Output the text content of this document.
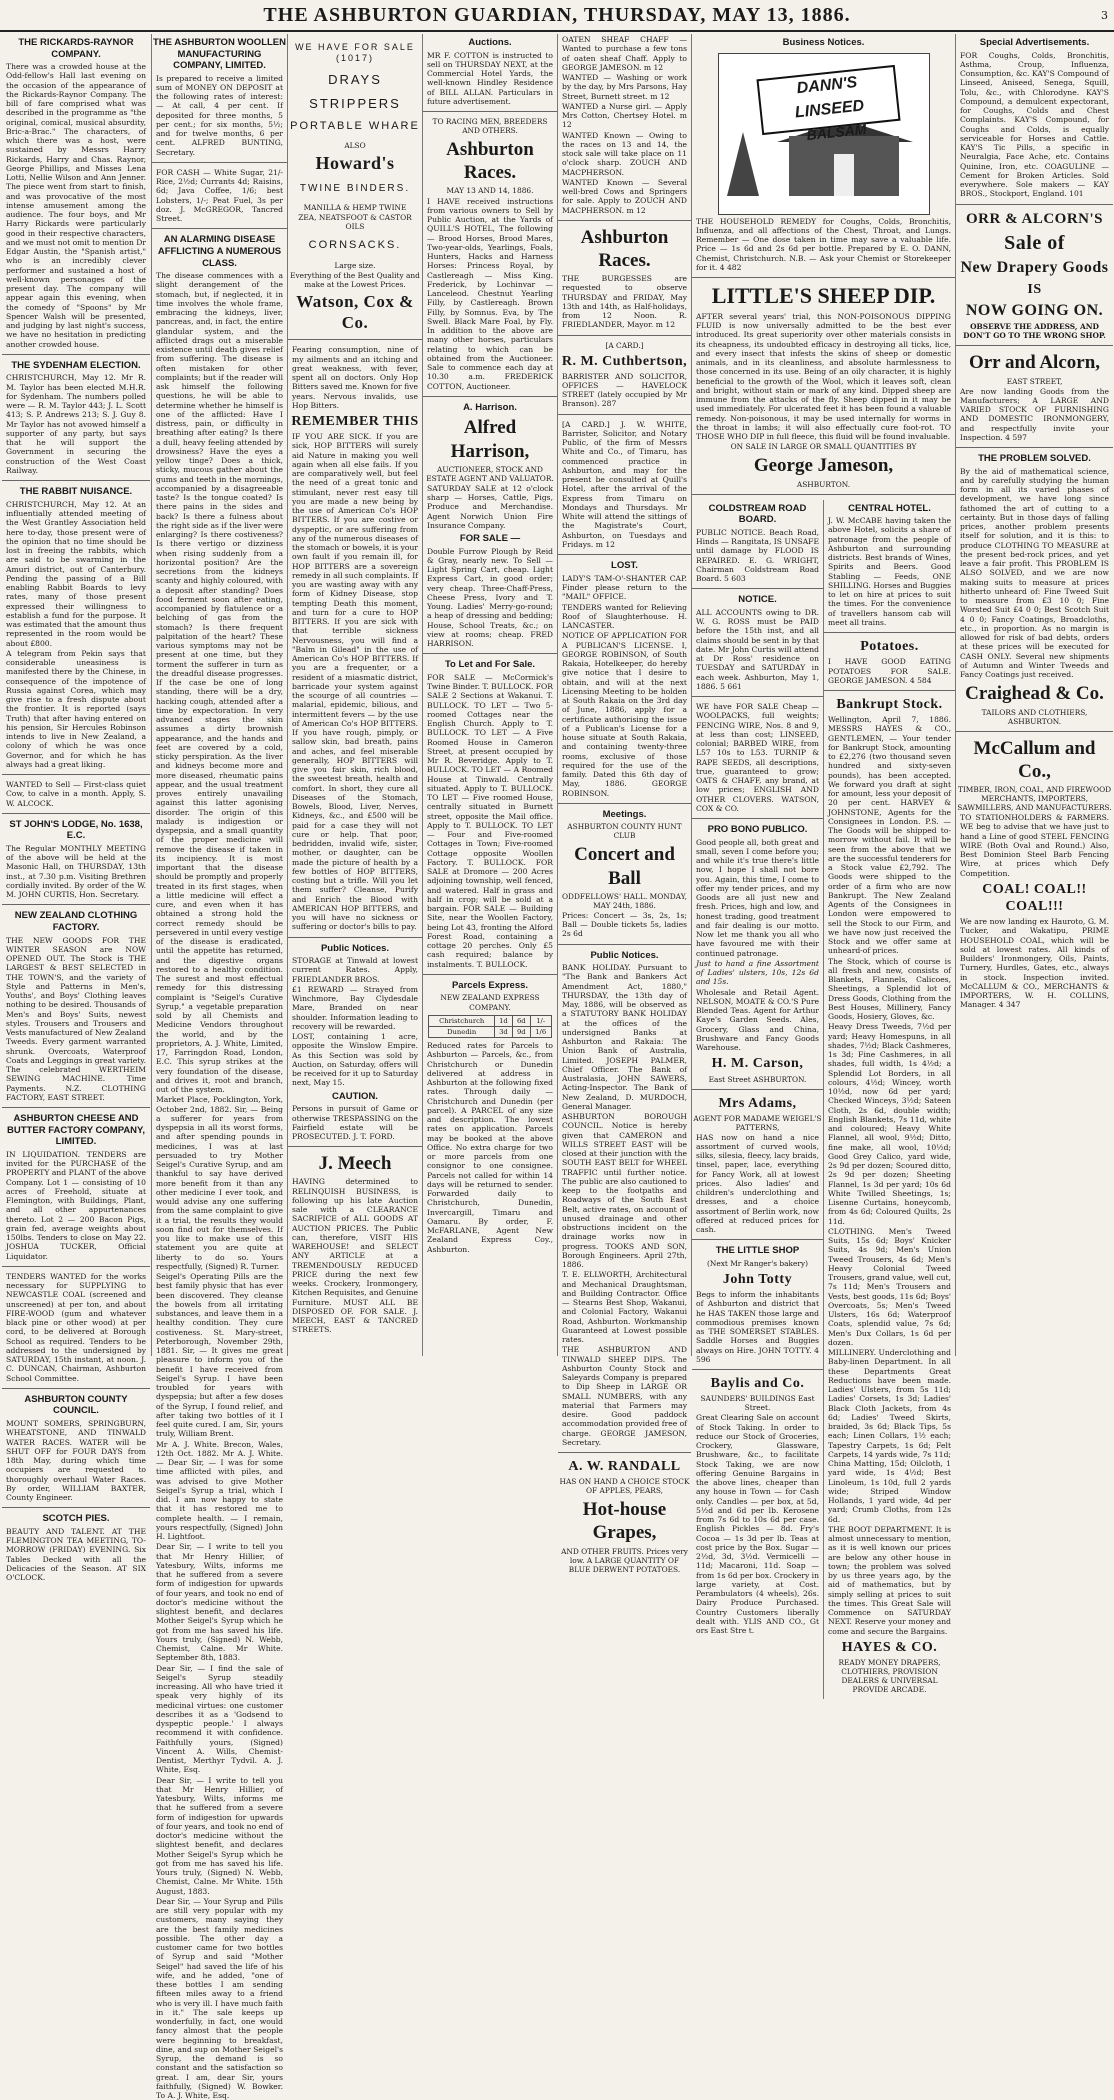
THE ASHBURTON GUARDIAN, THURSDAY, MAY 13, 1886.	3
THE RICKARDS-RAYNOR COMPANY.

There was a crowded house at the Odd-fellow's Hall last evening on the occasion of the appearance of the Rickards-Raynor Company. The bill of fare comprised what was described in the programme as "the original, comical, musical absurdity, Bric-a-Brac." The characters, of which there was a host, were sustained by Messrs Harry Rickards, Harry and Chas. Raynor, George Phillips, and Misses Lena Lotti, Nellie Wilson and Ann Jenner. The piece went from start to finish, and was provocative of the most intense amusement among the audience. The four boys, and Mr Harry Rickards were particularly good in their respective characters, and we must not omit to mention Dr Edgar Austin, the "Spanish artist," who is an incredibly clever performer and sustained a host of well-known personages of the present day. The company will appear again this evening, when the comedy of "Spoons" by Mr Spencer Walsh will be presented, and judging by last night's success, we have no hesitation in predicting another crowded house.

THE SYDENHAM ELECTION.

CHRISTCHURCH, May 12. Mr R. M. Taylor has been elected M.H.R. for Sydenham. The numbers polled were — R. M. Taylor 443; J. L. Scott 413; S. P. Andrews 213; S. J. Guy 8. Mr Taylor has not avowed himself a supporter of any party, but says that he will support the Government in securing the construction of the West Coast Railway.

THE RABBIT NUISANCE.

CHRISTCHURCH, May 12. At an influentially attended meeting of the West Grantley Association held here to-day, those present were of the opinion that no time should be lost in freeing the rabbits, which are said to be swarming in the Amuri district, out of Canterbury. Pending the passing of a Bill enabling Rabbit Boards to levy rates, many of those present expressed their willingness to establish a fund for the purpose. It was estimated that the amount thus represented in the room would be about £800.

A telegram from Pekin says that considerable uneasiness is manifested there by the Chinese, in consequence of the impotence of Russia against Corea, which may give rise to a fresh dispute about the frontier. It is reported (says Truth) that after having entered on his pension, Sir Hercules Robinson intends to live in New Zealand, a colony of which he was once Governor, and for which he has always had a great liking.

WANTED to Sell — First-class quiet Cow, to calve in a month. Apply, S. W. ALCOCK.

ST JOHN'S LODGE, No. 1638, E.C.

The Regular MONTHLY MEETING of the above will be held at the Masonic Hall, on THURSDAY, 13th inst., at 7.30 p.m. Visiting Brethren cordially invited. By order of the W. M. JOHN CURTIS, Hon. Secretary.

NEW ZEALAND CLOTHING FACTORY.

THE NEW GOODS FOR THE WINTER SEASON are NOW OPENED OUT. The Stock is THE LARGEST & BEST SELECTED in THE TOWN'S, and the variety of Style and Patterns in Men's, Youths', and Boys' Clothing leaves nothing to be desired. Thousands of Men's and Boys' Suits, newest styles. Trousers and Trousers and Vests manufactured of New Zealand Tweeds. Every garment warranted shrunk. Overcoats, Waterproof Coats and Leggings in great variety. The celebrated WERTHEIM SEWING MACHINE. Time Payments. N.Z. CLOTHING FACTORY, EAST STREET.

ASHBURTON CHEESE AND BUTTER FACTORY COMPANY, LIMITED.

IN LIQUIDATION. TENDERS are invited for the PURCHASE of the PROPERTY and PLANT of the above Company. Lot 1 — consisting of 10 acres of Freehold, situate at Flemington, with Buildings, Plant, and all other appurtenances thereto. Lot 2 — 200 Bacon Pigs, grain fed, average weights about 150lbs. Tenders to close on May 22. JOSHUA TUCKER, Official Liquidator.

TENDERS WANTED for the works necessary for SUPPLYING to NEWCASTLE COAL (screened and unscreened) at per ton, and about FIRE-WOOD (gum and whatever black pine or other wood) at per cord, to be delivered at Borough School as required. Tenders to be addressed to the undersigned by SATURDAY, 15th instant, at noon. J. C. DUNCAN, Chairman, Ashburton School Committee.

ASHBURTON COUNTY COUNCIL.

MOUNT SOMERS, SPRINGBURN, WHEATSTONE, AND TINWALD WATER RACES. WATER will be SHUT OFF for FOUR DAYS from 18th May, during which time occupiers are requested to thoroughly overhaul Water Races. By order, WILLIAM BAXTER, County Engineer.

SCOTCH PIES.

BEAUTY AND TALENT. AT THE FLEMINGTON TEA MEETING, TO-MORROW (FRIDAY) EVENING. Six Tables Decked with all the Delicacies of the Season. AT SIX O'CLOCK.

THE ASHBURTON WOOLLEN MANUFACTURING COMPANY, LIMITED.

Is prepared to receive a limited sum of MONEY ON DEPOSIT at the following rates of interest: — At call, 4 per cent. If deposited for three months, 5 per cent.; for six months, 5½; and for twelve months, 6 per cent. ALFRED BUNTING, Secretary.

FOR CASH — White Sugar, 21/- Rice, 2½d; Currants 4d; Raisins, 6d; Java Coffee, 1/6; best Lobsters, 1/-; Peat Fuel, 3s per doz. J. McGREGOR, Tancred Street.

AN ALARMING DISEASE AFFLICTING A NUMEROUS CLASS.

The disease commences with a slight derangement of the stomach, but, if neglected, it in time involves the whole frame, embracing the kidneys, liver, pancreas, and, in fact, the entire glandular system, and the afflicted drags out a miserable existence until death gives relief from suffering. The disease is often mistaken for other complaints; but if the reader will ask himself the following questions, he will be able to determine whether he himself is one of the afflicted: Have I distress, pain, or difficulty in breathing after eating? Is there a dull, heavy feeling attended by drowsiness? Have the eyes a yellow tinge? Does a thick, sticky, mucous gather about the gums and teeth in the mornings, accompanied by a disagreeable taste? Is the tongue coated? Is there pains in the sides and back? Is there a fulness about the right side as if the liver were enlarging? Is there costiveness? Is there vertigo or dizziness when rising suddenly from a horizontal position? Are the secretions from the kidneys scanty and highly coloured, with a deposit after standing? Does food ferment soon after eating, accompanied by flatulence or a belching of gas from the stomach? Is there frequent palpitation of the heart? These various symptoms may not be present at one time, but they torment the sufferer in turn as the dreadful disease progresses. If the case be one of long standing, there will be a dry, hacking cough, attended after a time by expectoration. In very advanced stages the skin assumes a dirty brownish appearance, and the hands and feet are covered by a cold, sticky perspiration. As the liver and kidneys become more and more diseased, rheumatic pains appear, and the usual treatment proves entirely unavailing against this latter agonising disorder. The origin of this malady is indigestion or dyspepsia, and a small quantity of the proper medicine will remove the disease if taken in its incipiency. It is most important that the disease should be promptly and properly treated in its first stages, when a little medicine will effect a cure, and even when it has obtained a strong hold the correct remedy should be persevered in until every vestige of the disease is eradicated, until the appetite has returned, and the digestive organs restored to a healthy condition. The surest and most effectual remedy for this distressing complaint is "Seigel's Curative Syrup," a vegetable preparation sold by all Chemists and Medicine Vendors throughout the world, and by the proprietors, A. J. White, Limited, 17, Farringdon Road, London, E.C. This syrup strikes at the very foundation of the disease, and drives it, root and branch, out of the system.

Market Place, Pocklington, York, October 2nd, 1882. Sir, — Being a sufferer for years from dyspepsia in all its worst forms, and after spending pounds in medicines, I was at last persuaded to try Mother Seigel's Curative Syrup, and am thankful to say have derived more benefit from it than any other medicine I ever took, and would advise any one suffering from the same complaint to give it a trial, the results they would soon find out for themselves. If you like to make use of this statement you are quite at liberty to do so. Yours respectfully, (Signed) R. Turner.

Seigel's Operating Pills are the best family physic that has ever been discovered. They cleanse the bowels from all irritating substances, and leave them in a healthy condition. They cure costiveness. St. Mary-street, Peterborough, November 29th, 1881. Sir, — It gives me great pleasure to inform you of the benefit I have received from Seigel's Syrup. I have been troubled for years with dyspepsia; but after a few doses of the Syrup, I found relief, and after taking two bottles of it I feel quite cured. I am, Sir, yours truly, William Brent.

Mr A. J. White. Brecon, Wales, 12th Oct. 1882. Mr A. J. White. — Dear Sir, — I was for some time afflicted with piles, and was advised to give Mother Seigel's Syrup a trial, which I did. I am now happy to state that it has restored me to complete health. — I remain, yours respectfully, (Signed) John H. Lightfoot.

Dear Sir, — I write to tell you that Mr Henry Hillier, of Yatesbury, Wilts, informs me that he suffered from a severe form of indigestion for upwards of four years, and took no end of doctor's medicine without the slightest benefit, and declares Mother Seigel's Syrup which he got from me has saved his life. Yours truly, (Signed) N. Webb, Chemist, Calne. Mr White. September 8th, 1883.

Dear Sir, — I find the sale of Seigel's Syrup steadily increasing. All who have tried it speak very highly of its medicinal virtues: one customer describes it as a 'Godsend to dyspeptic people.' I always recommend it with confidence. Faithfully yours, (Signed) Vincent A. Wills, Chemist-Dentist, Merthyr Tydvil. A. J. White, Esq.

Dear Sir, — I write to tell you that Mr Henry Hillier, of Yatesbury, Wilts, informs me that he suffered from a severe form of indigestion for upwards of four years, and took no end of doctor's medicine without the slightest benefit, and declares Mother Seigel's Syrup which he got from me has saved his life. Yours truly, (Signed) N. Webb, Chemist, Calne. Mr White. 15th August, 1883.

Dear Sir, — Your Syrup and Pills are still very popular with my customers, many saying they are the best family medicines possible. The other day a customer came for two bottles of Syrup and said "Mother Seigel" had saved the life of his wife, and he added, "one of these bottles I am sending fifteen miles away to a friend who is very ill. I have much faith in it." The sale keeps up wonderfully, in fact, one would fancy almost that the people were beginning to breakfast, dine, and sup on Mother Seigel's Syrup, the demand is so constant and the satisfaction so great. I am, dear Sir, yours faithfully, (Signed) W. Bowker. To A. J. White, Esq.

WE HAVE FOR SALE (1017)
DRAYS
STRIPPERS
PORTABLE WHARE
ALSO
Howard's
TWINE BINDERS.
MANILLA & HEMP TWINE
ZEA, NEATSFOOT & CASTOR OILS
CORNSACKS.
Large size.
Everything of the Best Quality and make at the Lowest Prices.
Watson, Cox & Co.

Fearing consumption, nine of my ailments and an itching and great weakness, with fever, spent all on doctors. Only Hop Bitters saved me. Known for five years. Nervous invalids, use Hop Bitters.

REMEMBER THIS

IF YOU ARE SICK. If you are sick, HOP BITTERS will surely aid Nature in making you well again when all else fails. If you are comparatively well, but feel the need of a great tonic and stimulant, never rest easy till you are made a new being by the use of American Co's HOP BITTERS. If you are costive or dyspeptic, or are suffering from any of the numerous diseases of the stomach or bowels, it is your own fault if you remain ill, for HOP BITTERS are a sovereign remedy in all such complaints. If you are wasting away with any form of Kidney Disease, stop tempting Death this moment, and turn for a cure to HOP BITTERS. If you are sick with that terrible sickness Nervousness, you will find a "Balm in Gilead" in the use of American Co's HOP BITTERS. If you are a frequenter, or a resident of a miasmatic district, barricade your system against the scourge of all countries — malarial, epidemic, bilious, and intermittent fevers — by the use of American Co's HOP BITTERS. If you have rough, pimply, or sallow skin, bad breath, pains and aches, and feel miserable generally, HOP BITTERS will give you fair skin, rich blood, the sweetest breath, health and comfort. In short, they cure all Diseases of the Stomach, Bowels, Blood, Liver, Nerves, Kidneys, &c., and £500 will be paid for a case they will not cure or help. That poor, bedridden, invalid wife, sister, mother, or daughter, can be made the picture of health by a few bottles of HOP BITTERS, costing but a trifle. Will you let them suffer? Cleanse, Purify and Enrich the Blood with AMERICAN HOP BITTERS, and you will have no sickness or suffering or doctor's bills to pay.

Public Notices.

STORAGE at Tinwald at lowest current Rates. Apply, FRIEDLANDER BROS.

£1 REWARD — Strayed from Winchmore, Bay Clydesdale Mare, Branded on near shoulder. Information leading to recovery will be rewarded.

LOST, containing 1 acre, opposite the Winslow Empire. As this Section was sold by Auction, on Saturday, offers will be received for it up to Saturday next, May 15.

CAUTION.

Persons in pursuit of Game or otherwise TRESPASSING on the Fairfield estate will be PROSECUTED. J. T. FORD.

J. Meech

HAVING determined to RELINQUISH BUSINESS, is following up his late Auction sale with a CLEARANCE SACRIFICE of ALL GOODS AT AUCTION PRICES. The Public can, therefore, VISIT HIS WAREHOUSE! and SELECT ANY ARTICLE at a TREMENDOUSLY REDUCED PRICE during the next few weeks. Crockery, Ironmongery, Kitchen Requisites, and Genuine Furniture. MUST ALL BE DISPOSED OF. FOR SALE. J. MEECH, EAST & TANCRED STREETS.

Auctions.

MR F. COTTON is instructed to sell on THURSDAY NEXT, at the Commercial Hotel Yards, the well-known Hindley Residence of BILL ALLAN. Particulars in future advertisement.

TO RACING MEN, BREEDERS AND OTHERS.
Ashburton Races.
MAY 13 AND 14, 1886.

I HAVE received instructions from various owners to Sell by Public Auction, at the Yards of QUILL'S HOTEL, The following — Brood Horses, Brood Mares, Two-year-olds, Yearlings, Foals, Hunters, Hacks and Harness Horses: Princess Royal, by Castlereagh — Miss King. Frederick, by Lochinvar — Lanceleod. Chestnut Yearling Filly, by Castlereagh. Brown Filly, by Somnus. Eva, by The Swell. Black Mare Foal, by Fly. In addition to the above are many other horses, particulars relating to which can be obtained from the Auctioneer. Sale to commence each day at 10.30 a.m. FREDERICK COTTON, Auctioneer.

A. Harrison.
Alfred Harrison,
AUCTIONEER, STOCK AND ESTATE AGENT AND VALUATOR.

SATURDAY SALE at 12 o'clock sharp — Horses, Cattle, Pigs, Produce and Merchandise. Agent Norwich Union Fire Insurance Company.

FOR SALE —

Double Furrow Plough by Reid & Gray, nearly new. To Sell — Light Spring Cart, cheap. Light Express Cart, in good order; very cheap. Three-Chaff-Press, Cheese Press, Ivory and T. Young. Ladies' Merry-go-round; a heap of dressing and bedding; House, School Treats, &c.; on view at rooms; cheap. FRED HARRISON.

To Let and For Sale.

FOR SALE — McCormick's Twine Binder. T. BULLOCK. FOR SALE 2 Sections at Wakanui. T. BULLOCK. TO LET — Two 5-roomed Cottages near the English Church. Apply to T. BULLOCK. TO LET — A Five Roomed House in Cameron Street, at present occupied by Mr R. Beveridge. Apply to T. BULLOCK. TO LET — A Roomed House at Tinwald. Centrally situated. Apply to T. BULLOCK. TO LET — Five roomed House, centrally situated in Burnett street, opposite the Mail office. Apply to T. BULLOCK. TO LET — Four and Five-roomed Cottages in Town; Five-roomed Cottage opposite Woollen Factory. T. BULLOCK. FOR SALE at Dromore — 200 Acres adjoining township, well fenced, and watered. Half in grass and half in crop; will be sold at a bargain. FOR SALE — Building Site, near the Woollen Factory, being Lot 43, fronting the Alford Forest Road, containing a cottage 20 perches. Only £5 cash required; balance by instalments. T. BULLOCK.

Parcels Express.
NEW ZEALAND EXPRESS COMPANY.
Christchurch	1d	6d	1/-
Dunedin	3d	9d	1/6

Reduced rates for Parcels to Ashburton — Parcels, &c., from Christchurch or Dunedin delivered at address in Ashburton at the following fixed rates. Through daily — Christchurch and Dunedin (per parcel). A PARCEL of any size and description. The lowest rates on application. Parcels may be booked at the above Office. No extra charge for two or more parcels from one consignor to one consignee. Parcels not called for within 14 days will be returned to sender. Forwarded daily to Christchurch, Dunedin, Invercargill, Timaru and Oamaru. By order, F. McFARLANE, Agent New Zealand Express Coy., Ashburton.

OATEN SHEAF CHAFF — Wanted to purchase a few tons of oaten sheaf Chaff. Apply to GEORGE JAMESON. m 12

WANTED — Washing or work by the day, by Mrs Parsons, Hay Street, Burnett street. m 12

WANTED a Nurse girl. — Apply Mrs Cotton, Chertsey Hotel. m 12

WANTED Known — Owing to the races on 13 and 14, the stock sale will take place on 11 o'clock sharp. ZOUCH AND MACPHERSON.

WANTED Known — Several well-bred Cows and Springers for sale. Apply to ZOUCH AND MACPHERSON. m 12

Ashburton Races.

THE BURGESSES are requested to observe THURSDAY and FRIDAY, May 13th and 14th, as Half-holidays, from 12 Noon. R. FRIEDLANDER, Mayor. m 12

[A CARD.]
R. M. Cuthbertson,

BARRISTER AND SOLICITOR, OFFICES — HAVELOCK STREET (lately occupied by Mr Branson). 287

[A CARD.] J. W. WHITE, Barrister, Solicitor, and Notary Public, of the firm of Messrs White and Co., of Timaru, has commenced practice in Ashburton, and may for the present be consulted at Quill's Hotel, after the arrival of the Express from Timaru on Mondays and Thursdays. Mr White will attend the sittings of the Magistrate's Court, Ashburton, on Tuesdays and Fridays. m 12

LOST.

LADY'S TAM-O'-SHANTER CAP. Finder please return to the "MAIL" OFFICE.

TENDERS wanted for Relieving Roof of Slaughterhouse. H. LANCASTER.

NOTICE OF APPLICATION FOR A PUBLICAN'S LICENSE. I, GEORGE ROBINSON, of South Rakaia, Hotelkeeper, do hereby give notice that I desire to obtain, and will at the next Licensing Meeting to be holden at South Rakaia on the 3rd day of June, 1886, apply for a certificate authorising the issue of a Publican's License for a house situate at South Rakaia, and containing twenty-three rooms, exclusive of those required for the use of the family. Dated this 6th day of May, 1886. GEORGE ROBINSON.

Meetings.
ASHBURTON COUNTY HUNT CLUB
Concert and Ball
ODDFELLOWS' HALL. MONDAY, MAY 24th, 1886.

Prices: Concert — 3s, 2s, 1s; Ball — Double tickets 5s, ladies 2s 6d

Public Notices.

BANK HOLIDAY. Pursuant to "The Bank and Bankers Act Amendment Act, 1880," THURSDAY, the 13th day of May, 1886, will be observed as a STATUTORY BANK HOLIDAY at the offices of the undersigned Banks at Ashburton and Rakaia: The Union Bank of Australia, Limited. JOSEPH PALMER, Chief Officer. The Bank of Australasia, JOHN SAWERS, Acting-Inspector. The Bank of New Zealand, D. MURDOCH, General Manager.

ASHBURTON BOROUGH COUNCIL. Notice is hereby given that CAMERON and WILLS STREET EAST will be closed at their junction with the SOUTH EAST BELT for WHEEL TRAFFIC until further notice. The public are also cautioned to keep to the footpaths and Roadways of the South East Belt, active rates, on account of unused drainage and other obstructions incident on the drainage works now in progress. TOOKS AND SON, Borough Engineers. April 27th, 1886.

T. E. ELLWORTH, Architectural and Mechanical Draughtsman, and Building Contractor. Office — Stearns Best Shop, Wakanui, and Colonial Factory, Wakanui Road, Ashburton. Workmanship Guaranteed at Lowest possible rates.

THE ASHBURTON AND TINWALD SHEEP DIPS. The Ashburton County Stock and Saleyards Company is prepared to Dip Sheep in LARGE OR SMALL NUMBERS, with any material that Farmers may desire. Good paddock accommodation provided free of charge. GEORGE JAMESON, Secretary.

A. W. RANDALL
HAS ON HAND A CHOICE STOCK OF APPLES, PEARS,
Hot-house Grapes,
AND OTHER FRUITS. Prices very low. A LARGE QUANTITY OF BLUE DERWENT POTATOES.
Business Notices.
DANN'S
LINSEED
BALSAM

THE HOUSEHOLD REMEDY for Coughs, Colds, Bronchitis, Influenza, and all affections of the Chest, Throat, and Lungs. Remember — One dose taken in time may save a valuable life. Price — 1s 6d and 2s 6d per bottle. Prepared by E. O. DANN, Chemist, Christchurch. N.B. — Ask your Chemist or Storekeeper for it. 4 482

LITTLE'S SHEEP DIP.

AFTER several years' trial, this NON-POISONOUS DIPPING FLUID is now universally admitted to be the best ever introduced. Its great superiority over other materials consists in its cheapness, its undoubted efficacy in destroying all ticks, lice, and every insect that infests the skins of sheep or domestic animals, and in its cleanliness, and absolute harmlessness to those concerned in its use. Being of an oily character, it is highly beneficial to the growth of the Wool, which it leaves soft, clean and bright, without stain or mark of any kind. Dipped sheep are immune from the attacks of the fly. Sheep dipped in it may be used immediately. For ulcerated feet it has been found a valuable remedy. Non-poisonous, it may be used internally for worms in the throat in lambs; it will also effectually cure foot-rot. TO THOSE WHO DIP in full fleece, this fluid will be found invaluable.

ON SALE IN LARGE OR SMALL QUANTITIES BY
George Jameson,
ASHBURTON.
COLDSTREAM ROAD BOARD.

PUBLIC NOTICE. Beach Road, Hinds — Rangitata, IS UNSAFE until damage by FLOOD IS REPAIRED. E. G. WRIGHT, Chairman Coldstream Road Board. 5 603

NOTICE.

ALL ACCOUNTS owing to DR. W. G. ROSS must be PAID before the 15th inst, and all claims should be sent in by that date. Mr John Curtis will attend at Dr Ross' residence on TUESDAY and SATURDAY in each week. Ashburton, May 1, 1886. 5 661

WE have FOR SALE Cheap — WOOLPACKS, full weights; FENCING WIRE, Nos. 8 and 9, at less than cost; LINSEED, colonial; BARBED WIRE, from L57 10s to L53. TURNIP & RAPE SEEDS, all descriptions, true, guaranteed to grow; OATS & CHAFF, any brand, at low prices; ENGLISH AND OTHER CLOVERS. WATSON, COX & CO.

PRO BONO PUBLICO.

Good people all, both great and small, seven I come before you; and while it's true there's little now, I hope I shall not bore you. Again, this time, I come to offer my tender prices, and my Goods are all just new and fresh. Prices, high and low, and honest trading, good treatment and fair dealing is our motto. Now let me thank you all who have favoured me with their continued patronage.

Just to hand a fine Assortment of Ladies' ulsters, 10s, 12s 6d and 15s.

Wholesale and Retail Agent. NELSON, MOATE & CO.'S Pure Blended Teas. Agent for Arthur Kaye's Garden Seeds. Ales, Grocery, Glass and China, Brushware and Fancy Goods Warehouse.

H. M. Carson,
East Street ASHBURTON.
Mrs Adams,
AGENT FOR MADAME WEIGEL'S PATTERNS,

HAS now on hand a nice assortment of curved wools, silks, silesia, fleecy, lacy braids, tinsel, paper, lace, everything for Fancy Work, all at lowest prices. Also ladies' and children's underclothing and dresses, and a choice assortment of Berlin work, now offered at reduced prices for cash.

THE LITTLE SHOP
(Next Mr Ranger's bakery)
John Totty

Begs to inform the inhabitants of Ashburton and district that he HAS TAKEN those large and commodious premises known as THE SOMERSET STABLES. Saddle Horses and Buggies always on Hire. JOHN TOTTY. 4 596

Baylis and Co.
SAUNDERS' BUILDINGS East Street.

Great Clearing Sale on account of Stock Taking. In order to reduce our Stock of Groceries, Crockery, Glassware, Brushware, &c., to facilitate Stock Taking, we are now offering Genuine Bargains in the above lines, cheaper than any house in Town — for Cash only. Candles — per box, at 5d, 5½d and 6d per lb. Kerosene from 7s 6d to 10s 6d per case. English Pickles — 8d. Fry's Cocoa — 1s 3d per lb. Teas at cost price by the Box. Sugar — 2½d, 3d, 3½d. Vermicelli — 11d; Macaroni, 11d. Soap — from 1s 6d per box. Crockery in large variety, at Cost. Perambulators (4 wheels), 26s. Dairy Produce Purchased. Country Customers liberally dealt with. YLIS AND CO., Gt ors East Stre t.

CENTRAL HOTEL.

J. W. McCABE having taken the above Hotel, solicits a share of patronage from the people of Ashburton and surrounding districts. Best brands of Wines, Spirits and Beers. Good Stabling — Feeds, ONE SHILLING. Horses and Buggies to let on hire at prices to suit the times. For the convenience of travellers hansom cab will meet all trains.

Potatoes.

I HAVE GOOD EATING POTATOES FOR SALE. GEORGE JAMESON. 4 584

Bankrupt Stock.

Wellington, April 7, 1886. MESSRS HAYES & CO., GENTLEMEN, — Your tender for Bankrupt Stock, amounting to £2,276 (two thousand seven hundred and sixty-seven pounds), has been accepted. We forward you draft at sight for amount, less your deposit of 20 per cent. HARVEY & JOHNSTONE, Agents for the Consignees in London. P.S. — The Goods will be shipped to-morrow without fail. It will be seen from the above that we are the successful tenderers for a Stock value £2,792. The Goods were shipped to the order of a firm who are now Bankrupt. The New Zealand Agents of the Consignees in London were empowered to sell the Stock to our Firm, and we have now just received the Stock and we offer same at unheard-of prices.

The Stock, which of course is all fresh and new, consists of Blankets, Flannels, Calicoes, Sheetings, a Splendid lot of Dress Goods, Clothing from the Best Houses, Millinery, Fancy Goods, Hosiery, Gloves, &c.

Heavy Dress Tweeds, 7½d per yard; Heavy Homespuns, in all shades, 7½d; Black Cashmeres, 1s 3d; Fine Cashmeres, in all shades, full width, 1s 4½d; a Splendid Lot Borders, in all colours, 4½d; Wincey, worth 10½d, now 6d per yard; Checked Winceys, 3½d; Sateen Cloth, 2s 6d, double width; English Blankets, 7s 11d, white and coloured; Heavy White Flannel, all wool, 9½d; Ditto, fine make, all wool, 10½d; Good Grey Calico, yard wide, 2s 9d per dozen; Scoured ditto, 2s 9d per dozen; Sheeting Flannel, 1s 3d per yard; 10s 6d White Twilled Sheetings, 1s; Lisenne Curtains, honeycomb, from 4s 6d; Coloured Quilts, 2s 11d.

CLOTHING. Men's Tweed Suits, 15s 6d; Boys' Knicker Suits, 4s 9d; Men's Union Tweed Trousers, 4s 6d; Men's Heavy Colonial Tweed Trousers, grand value, well cut, 7s 11d; Men's Trousers and Vests, best goods, 11s 6d; Boys' Overcoats, 5s; Men's Tweed Ulsters, 16s 6d; Waterproof Coats, splendid value, 7s 6d; Men's Dux Collars, 1s 6d per dozen.

MILLINERY. Underclothing and Baby-linen Department. In all these Departments Great Reductions have been made. Ladies' Ulsters, from 5s 11d; Ladies' Corsets, 1s 3d; Ladies' Black Cloth Jackets, from 4s 6d; Ladies' Tweed Skirts, braided, 3s 6d; Black Tips, 5s each; Linen Collars, 1½ each; Tapestry Carpets, 1s 6d; Felt Carpets, 14 yards wide, 7s 11d; China Matting, 15d; Oilcloth, 1 yard wide, 1s 4½d; Best Linoleum, 1s 10d, full 2 yards wide; Striped Window Hollands, 1 yard wide, 4d per yard; Crumb Cloths, from 12s 6d.

THE BOOT DEPARTMENT. It is almost unnecessary to mention, as it is well known our prices are below any other house in town; the problem was solved by us three years ago, by the aid of mathematics, but by simply selling at prices to suit the times. This Great Sale will Commence on SATURDAY NEXT. Reserve your money and come and secure the Bargains.

HAYES & CO.
READY MONEY DRAPERS, CLOTHIERS, PROVISION DEALERS & UNIVERSAL PROVIDE ARCADE.
Special Advertisements.

FOR Coughs, Colds, Bronchitis, Asthma, Croup, Influenza, Consumption, &c. KAY'S Compound of Linseed, Aniseed, Senega, Squill, Tolu, &c., with Chlorodyne. KAY'S Compound, a demulcent expectorant, for Coughs, Colds and Chest Complaints. KAY'S Compound, for Coughs and Colds, is equally serviceable for Horses and Cattle. KAY'S Tic Pills, a specific in Neuralgia, Face Ache, etc. Contains Quinine, Iron, etc. COAGULINE — Cement for Broken Articles. Sold everywhere. Sole makers — KAY BROS., Stockport, England. 101

ORR & ALCORN'S
Sale of
New Drapery Goods
IS
NOW GOING ON.
OBSERVE THE ADDRESS, AND DON'T GO TO THE WRONG SHOP.
Orr and Alcorn,
EAST STREET,

Are now landing Goods from the Manufacturers; A LARGE AND VARIED STOCK OF FURNISHING AND DOMESTIC IRONMONGERY, and respectfully invite your Inspection. 4 597

THE PROBLEM SOLVED.

By the aid of mathematical science, and by carefully studying the human form in all its varied phases of development, we have long since fathomed the art of cutting to a certainty. But in those days of falling prices, another problem presents itself for solution, and it is this: to produce CLOTHING TO MEASURE at the present bed-rock prices, and yet leave a fair profit. This PROBLEM IS ALSO SOLVED, and we are now making suits to measure at prices hitherto unheard of: Fine Tweed Suit to measure from £3 10 0; Fine Worsted Suit £4 0 0; Best Scotch Suit 4 0 0; Fancy Coatings, Broadcloths, etc., in proportion. As no margin is allowed for risk of bad debts, orders at these prices will be executed for CASH ONLY. Several new shipments of Autumn and Winter Tweeds and Fancy Coatings just received.

Craighead & Co.
TAILORS AND CLOTHIERS, ASHBURTON.
McCallum and Co.,
TIMBER, IRON, COAL, AND FIREWOOD MERCHANTS, IMPORTERS, SAWMILLERS, AND MANUFACTURERS.

TO STATIONHOLDERS & FARMERS. WE beg to advise that we have just to hand a Line of good STEEL FENCING WIRE (Both Oval and Round.) Also, Best Dominion Steel Barb Fencing Wire, at prices which Defy Competition.

COAL! COAL!! COAL!!!

We are now landing ex Hauroto, G. M. Tucker, and Wakatipu, PRIME HOUSEHOLD COAL, which will be sold at lowest rates. All kinds of Builders' Ironmongery, Oils, Paints, Turnery, Hurdles, Gates, etc., always in stock. Inspection invited. McCALLUM & CO., MERCHANTS & IMPORTERS, W. H. COLLINS, Manager. 4 347
